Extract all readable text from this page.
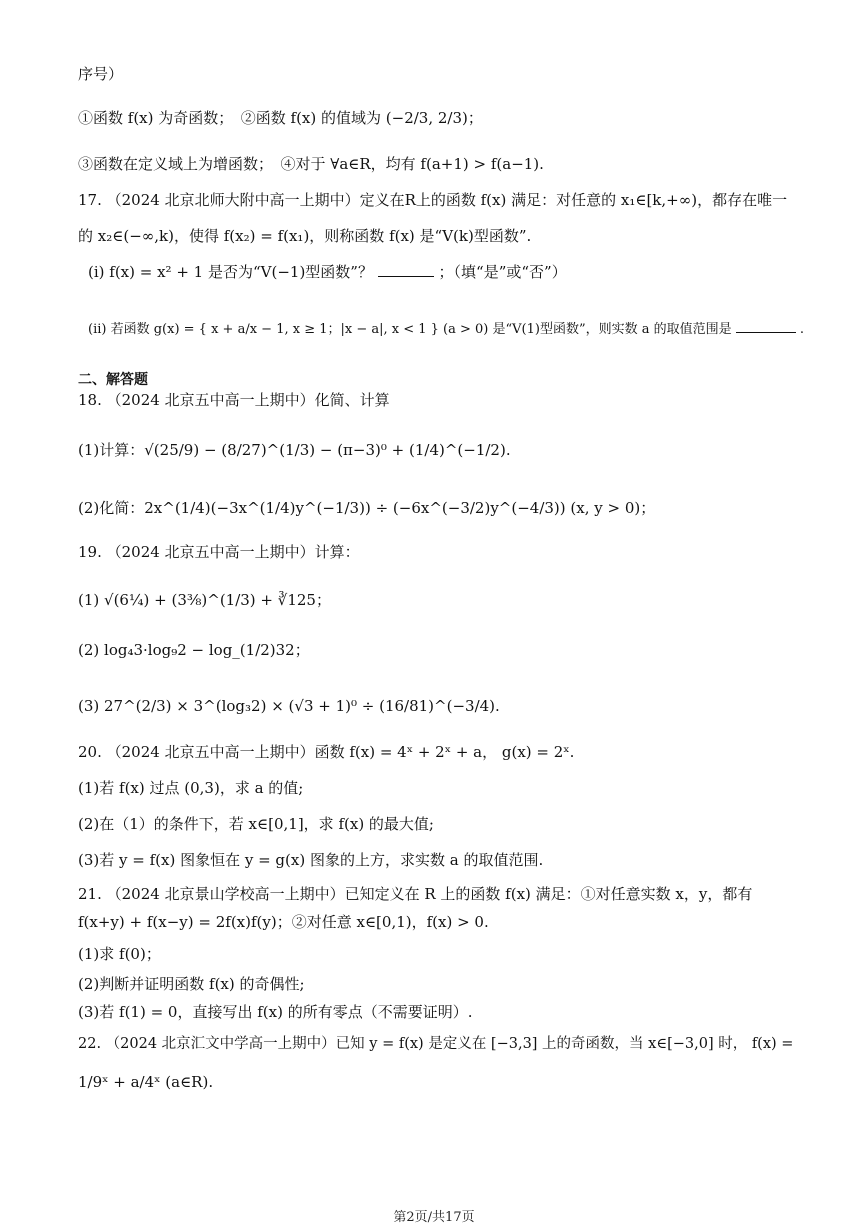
序号）
①函数 f(x) 为奇函数；　②函数 f(x) 的值域为 (−2/3, 2/3)；
③函数在定义域上为增函数；　④对于 ∀a∈R，均有 f(a+1) > f(a−1).
17. （2024 北京北师大附中高一上期中）定义在R上的函数 f(x) 满足：对任意的 x₁∈[k,+∞)，都存在唯一
的 x₂∈(−∞,k)，使得 f(x₂) = f(x₁)，则称函数 f(x) 是“V(k)型函数”.
(i) f(x) = x² + 1 是否为“V(−1)型函数”？	；（填“是”或“否”）
(ii) 若函数 g(x) = { x + a/x − 1, x ≥ 1；|x − a|, x < 1 } (a > 0) 是“V(1)型函数”，则实数 a 的取值范围是	.
二、解答题
18. （2024 北京五中高一上期中）化简、计算
(1)计算：√(25/9) − (8/27)^(1/3) − (π−3)⁰ + (1/4)^(−1/2).
(2)化简：2x^(1/4)(−3x^(1/4)y^(−1/3)) ÷ (−6x^(−3/2)y^(−4/3)) (x, y > 0)；
19. （2024 北京五中高一上期中）计算：
(1) √(6¼) + (3⅜)^(1/3) + ∛125；
(2) log₄3·log₉2 − log_(1/2)32；
(3) 27^(2/3) × 3^(log₃2) × (√3 + 1)⁰ ÷ (16/81)^(−3/4).
20. （2024 北京五中高一上期中）函数 f(x) = 4ˣ + 2ˣ + a， g(x) = 2ˣ.
(1)若 f(x) 过点 (0,3)，求 a 的值;
(2)在（1）的条件下，若 x∈[0,1]，求 f(x) 的最大值;
(3)若 y = f(x) 图象恒在 y = g(x) 图象的上方，求实数 a 的取值范围.
21. （2024 北京景山学校高一上期中）已知定义在 R 上的函数 f(x) 满足：①对任意实数 x，y，都有
f(x+y) + f(x−y) = 2f(x)f(y)；②对任意 x∈[0,1)，f(x) > 0.
(1)求 f(0)；
(2)判断并证明函数 f(x) 的奇偶性;
(3)若 f(1) = 0，直接写出 f(x) 的所有零点（不需要证明）.
22. （2024 北京汇文中学高一上期中）已知 y = f(x) 是定义在 [−3,3] 上的奇函数，当 x∈[−3,0] 时， f(x) =
1/9ˣ + a/4ˣ (a∈R).
第2页/共17页
